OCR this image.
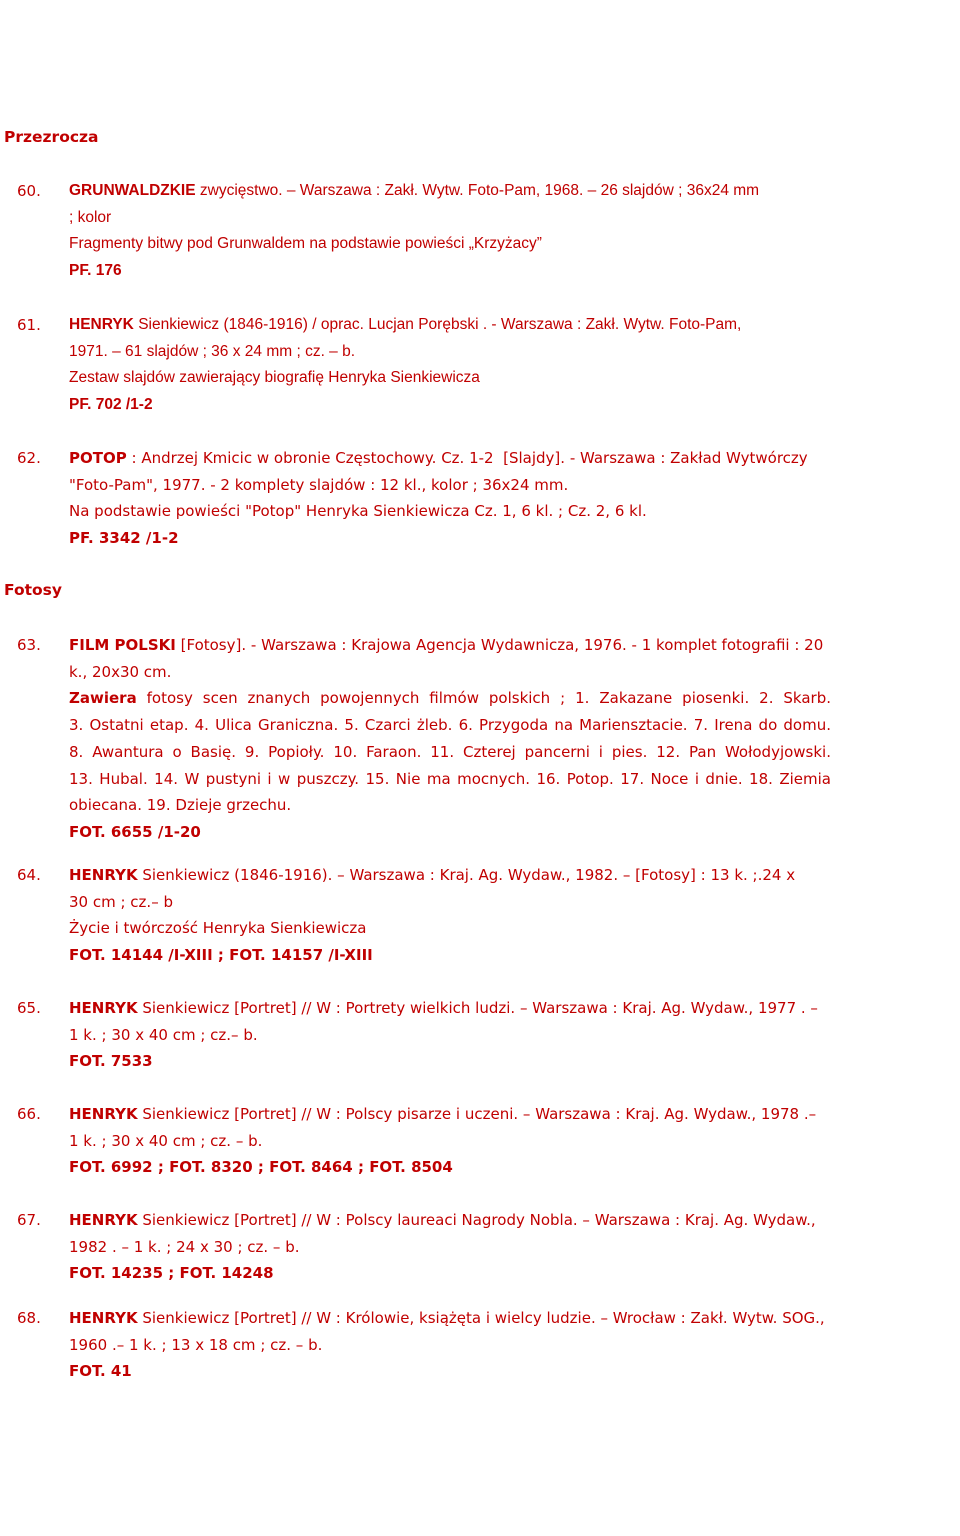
Przezrocza
60. GRUNWALDZKIE zwycięstwo. – Warszawa : Zakł. Wytw. Foto-Pam, 1968. – 26 slajdów ; 36x24 mm
; kolor
Fragmenty bitwy pod Grunwaldem na podstawie powieści „Krzyżacy”
PF. 176
61. HENRYK Sienkiewicz (1846-1916) / oprac. Lucjan Porębski . - Warszawa : Zakł. Wytw. Foto-Pam,
1971. – 61 slajdów ; 36 x 24 mm ; cz. – b.
Zestaw slajdów zawierający biografię Henryka Sienkiewicza
PF. 702 /1-2
62. POTOP : Andrzej Kmicic w obronie Częstochowy. Cz. 1-2  [Slajdy]. - Warszawa : Zakład Wytwórczy
"Foto-Pam", 1977. - 2 komplety slajdów : 12 kl., kolor ; 36x24 mm.
Na podstawie powieści "Potop" Henryka Sienkiewicza Cz. 1, 6 kl. ; Cz. 2, 6 kl.
PF. 3342 /1-2
Fotosy
63. FILM POLSKI [Fotosy]. - Warszawa : Krajowa Agencja Wydawnicza, 1976. - 1 komplet fotografii : 20
k., 20x30 cm.
Zawiera fotosy scen znanych powojennych filmów polskich ; 1. Zakazane piosenki. 2. Skarb.
3. Ostatni etap. 4. Ulica Graniczna. 5. Czarci żleb. 6. Przygoda na Mariensztacie. 7. Irena do domu.
8. Awantura o Basię. 9. Popioły. 10. Faraon. 11. Czterej pancerni i pies. 12. Pan Wołodyjowski.
13. Hubal. 14. W pustyni i w puszczy. 15. Nie ma mocnych. 16. Potop. 17. Noce i dnie. 18. Ziemia
obiecana. 19. Dzieje grzechu.
FOT. 6655 /1-20
64. HENRYK Sienkiewicz (1846-1916). – Warszawa : Kraj. Ag. Wydaw., 1982. – [Fotosy] : 13 k. ;.24 x
30 cm ; cz.– b
Życie i twórczość Henryka Sienkiewicza
FOT. 14144 /I-XIII ; FOT. 14157 /I-XIII
65. HENRYK Sienkiewicz [Portret] // W : Portrety wielkich ludzi. – Warszawa : Kraj. Ag. Wydaw., 1977 . –
1 k. ; 30 x 40 cm ; cz.– b.
FOT. 7533
66. HENRYK Sienkiewicz [Portret] // W : Polscy pisarze i uczeni. – Warszawa : Kraj. Ag. Wydaw., 1978 .–
1 k. ; 30 x 40 cm ; cz. – b.
FOT. 6992 ; FOT. 8320 ; FOT. 8464 ; FOT. 8504
67. HENRYK Sienkiewicz [Portret] // W : Polscy laureaci Nagrody Nobla. – Warszawa : Kraj. Ag. Wydaw.,
1982 . – 1 k. ; 24 x 30 ; cz. – b.
FOT. 14235 ; FOT. 14248
68. HENRYK Sienkiewicz [Portret] // W : Królowie, książęta i wielcy ludzie. – Wrocław : Zakł. Wytw. SOG.,
1960 .– 1 k. ; 13 x 18 cm ; cz. – b.
FOT. 41
